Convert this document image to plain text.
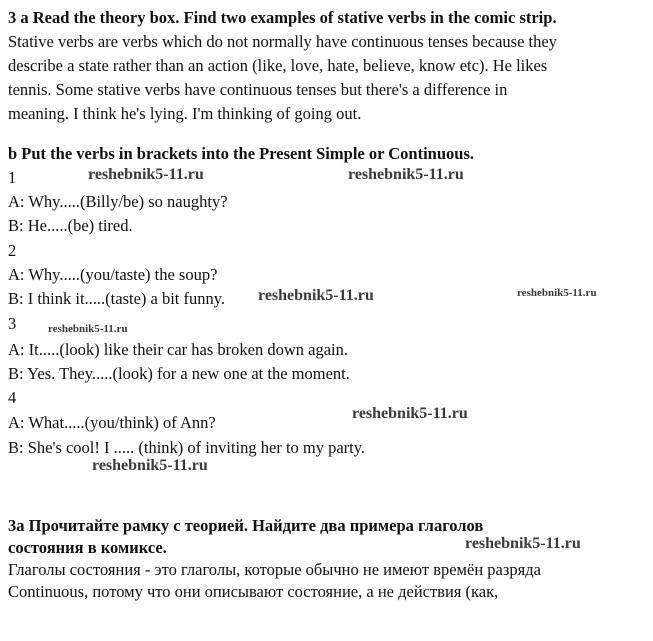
3 a Read the theory box. Find two examples of stative verbs in the comic strip.
Stative verbs are verbs which do not normally have continuous tenses because they
describe a state rather than an action (like, love, hate, believe, know etc). He likes
tennis. Some stative verbs have continuous tenses but there's a difference in
meaning. I think he's lying. I'm thinking of going out.
b Put the verbs in brackets into the Present Simple or Continuous.
1
A: Why.....(Billy/be) so naughty?
B: He.....(be) tired.
2
A: Why.....(you/taste) the soup?
B: I think it.....(taste) a bit funny.
3
A: It.....(look) like their car has broken down again.
B: Yes. They.....(look) for a new one at the moment.
4
A: What.....(you/think) of Ann?
B: She's cool! I ..... (think) of inviting her to my party.
3а Прочитайте рамку с теорией. Найдите два примера глаголов
состояния в комиксе.
Глаголы состояния - это глаголы, которые обычно не имеют времён разряда
Continuous, потому что они описывают состояние, а не действия (как,
reshebnik5-11.ru	reshebnik5-11.ru
reshebnik5-11.ru	reshebnik5-11.ru
reshebnik5-11.ru
reshebnik5-11.ru
reshebnik5-11.ru
reshebnik5-11.ru
